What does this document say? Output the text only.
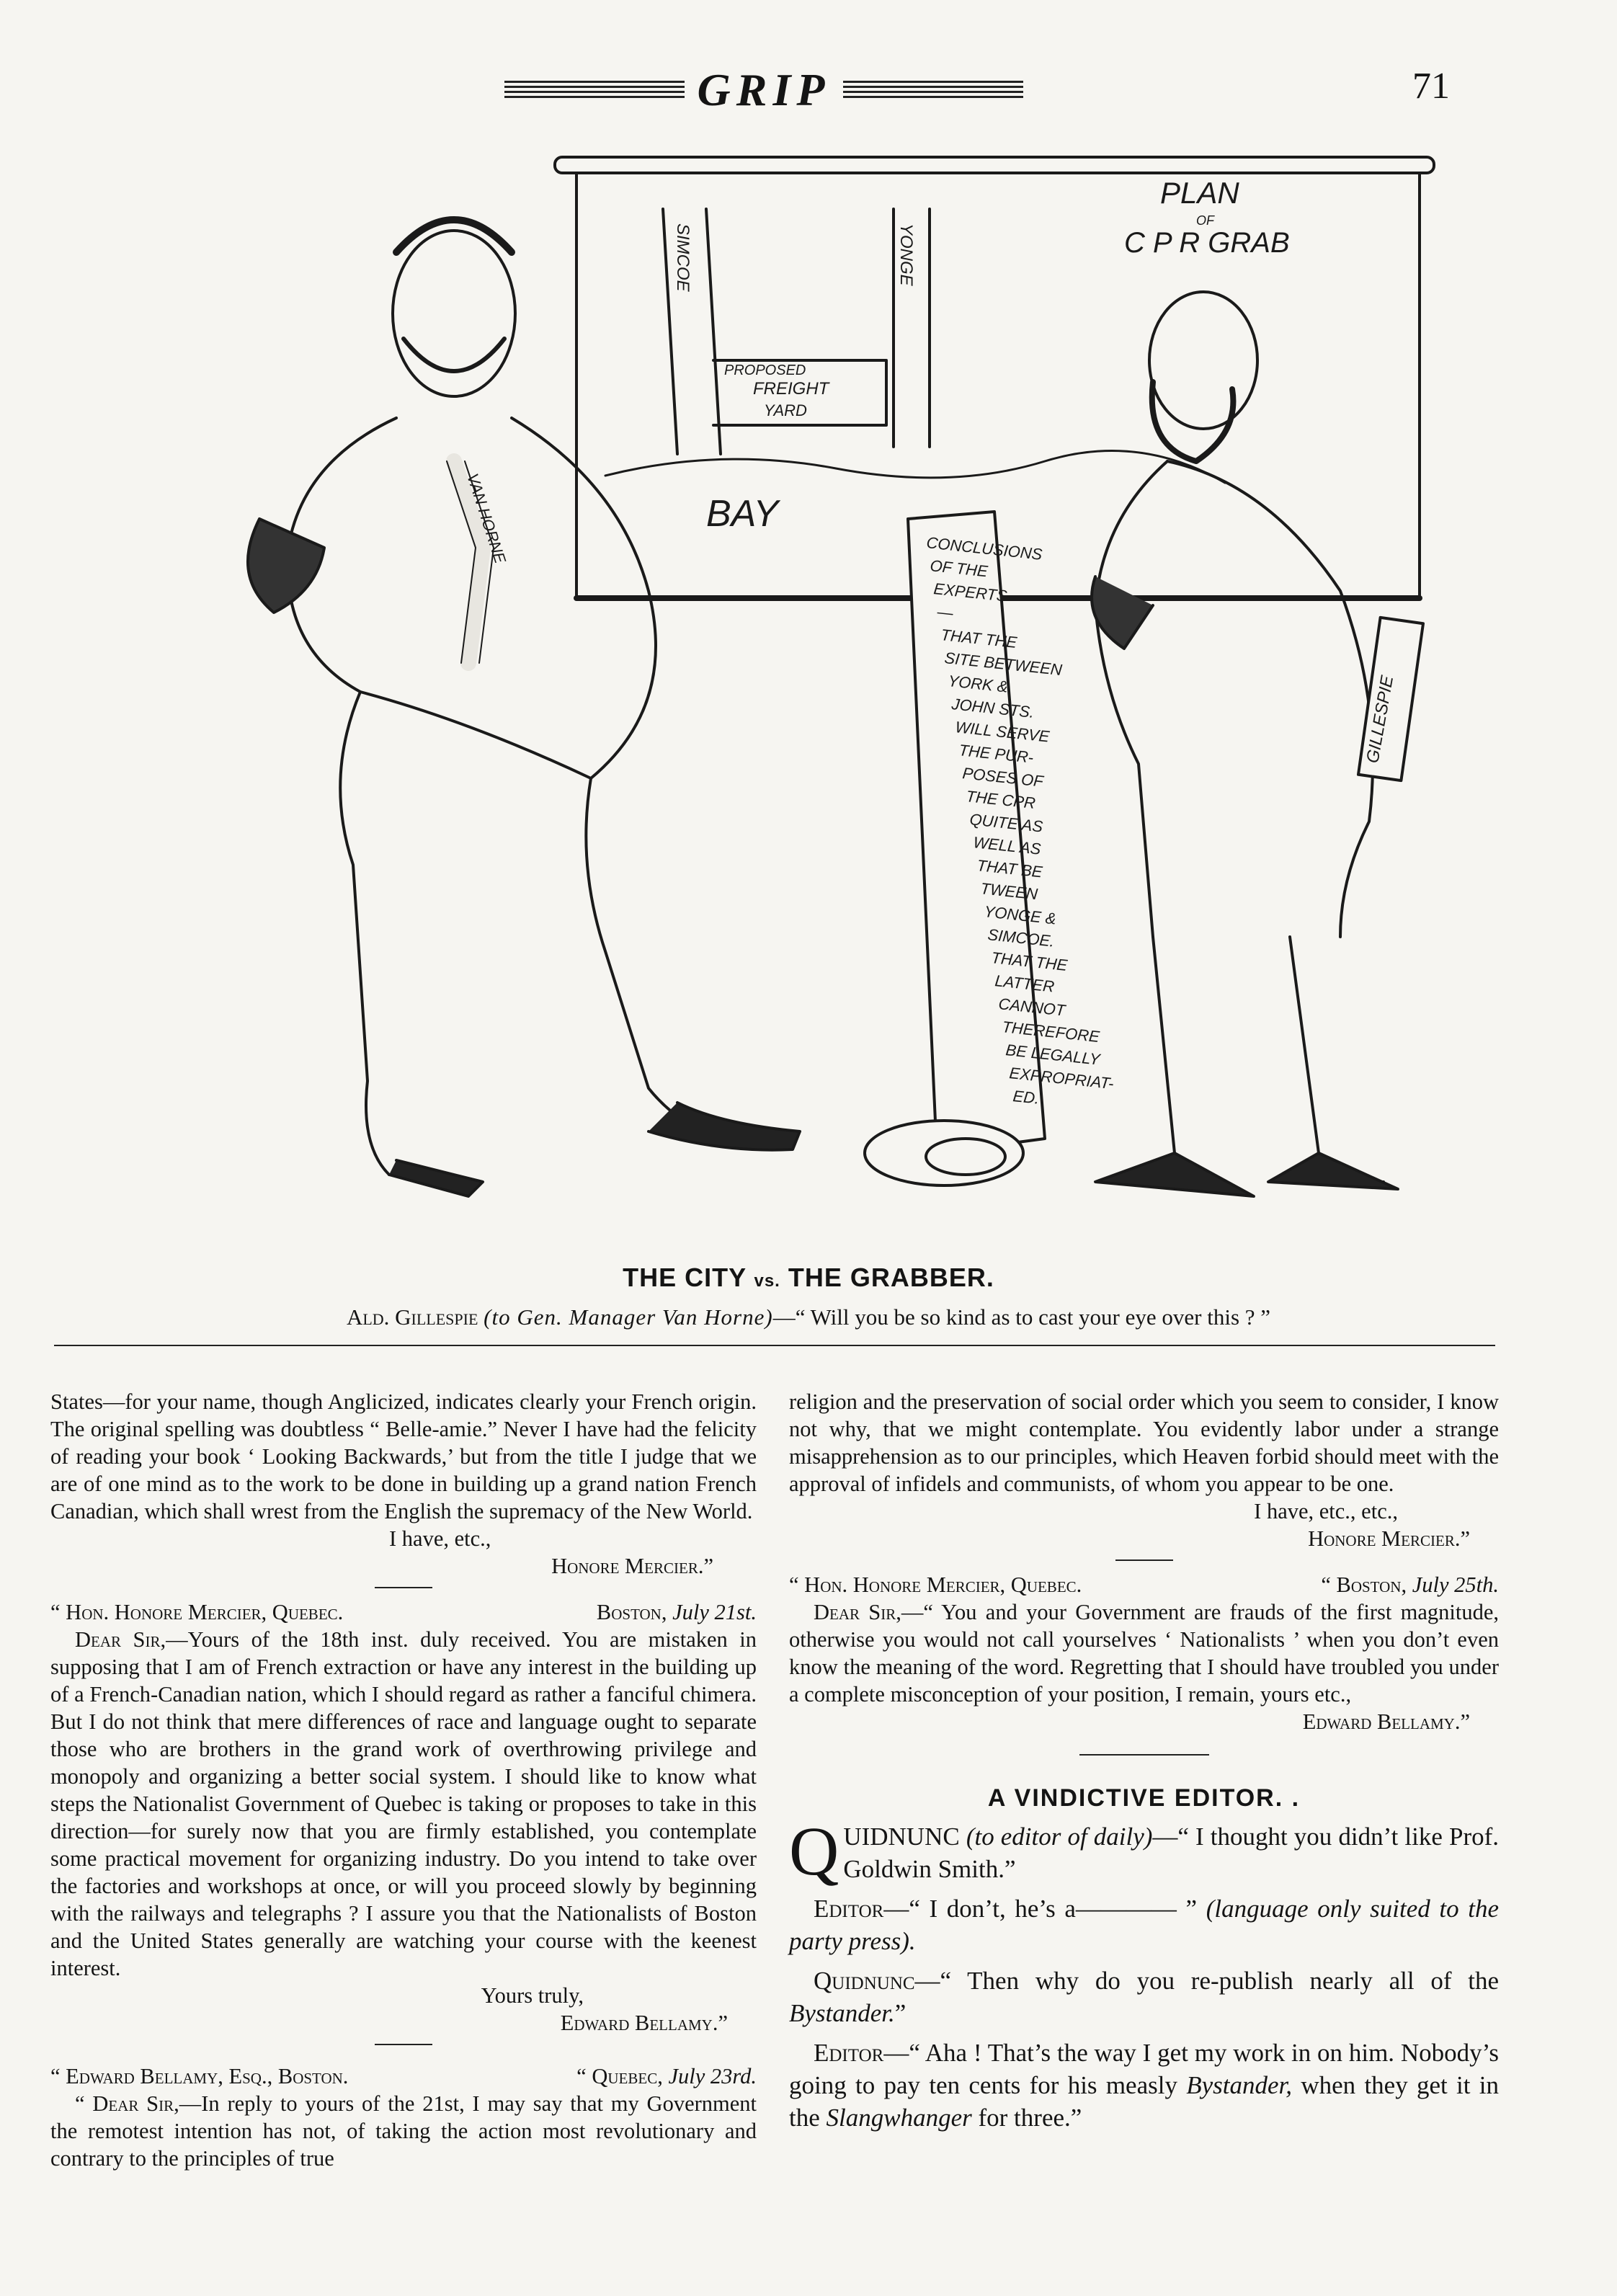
GRIP	71
PLAN
OF
C P R GRAB
SIMCOE	YONGE
PROPOSED
FREIGHT
YARD
BAY
VAN HORNE
GILLESPIE
CONCLUSIONS
OF THE
EXPERTS
—
THAT THE
SITE BETWEEN
YORK &
JOHN STS.
WILL SERVE
THE PUR-
POSES OF
THE CPR
QUITE AS
WELL AS
THAT BE
TWEEN
YONGE &
SIMCOE.
THAT THE
LATTER
CANNOT
THEREFORE
BE LEGALLY
EXPROPRIAT-
ED.
THE CITY vs. THE GRABBER.
Ald. Gillespie (to Gen. Manager Van Horne)—“ Will you be so kind as to cast your eye over this ? ”

States—for your name, though Anglicized, indicates clearly your French origin. The original spelling was doubtless “ Belle-amie.” Never I have had the felicity of reading your book ‘ Looking Backwards,’ but from the title I judge that we are of one mind as to the work to be done in building up a grand nation French Canadian, which shall wrest from the English the supremacy of the New World.

I have, etc.,

Honore Mercier.”

“ Hon. Honore Mercier, Quebec.	Boston, July 21st.

Dear Sir,—Yours of the 18th inst. duly received. You are mistaken in supposing that I am of French extraction or have any interest in the building up of a French-Canadian nation, which I should regard as rather a fanciful chimera. But I do not think that mere differences of race and language ought to separate those who are brothers in the grand work of overthrowing privilege and monopoly and organizing a better social system. I should like to know what steps the Nationalist Government of Quebec is taking or proposes to take in this direction—for surely now that you are firmly established, you contemplate some practical movement for organizing industry. Do you intend to take over the factories and workshops at once, or will you proceed slowly by beginning with the railways and telegraphs ? I assure you that the Nationalists of Boston and the United States generally are watching your course with the keenest interest.

Yours truly,

Edward Bellamy.”

“ Edward Bellamy, Esq., Boston.	“ Quebec, July 23rd.

“ Dear Sir,—In reply to yours of the 21st, I may say that my Government the remotest intention has not, of taking the action most revolutionary and contrary to the principles of true

religion and the preservation of social order which you seem to consider, I know not why, that we might contemplate. You evidently labor under a strange misapprehension as to our principles, which Heaven forbid should meet with the approval of infidels and communists, of whom you appear to be one.

I have, etc., etc.,

Honore Mercier.”

“ Hon. Honore Mercier, Quebec.	“ Boston, July 25th.

Dear Sir,—“ You and your Government are frauds of the first magnitude, otherwise you would not call yourselves ‘ Nationalists ’ when you don’t even know the meaning of the word. Regretting that I should have troubled you under a complete misconception of your position, I remain, yours etc.,

Edward Bellamy.”

A VINDICTIVE EDITOR. .

QUIDNUNC (to editor of daily)—“ I thought you didn’t like Prof. Goldwin Smith.”

Editor—“ I don’t, he’s a———— ” (language only suited to the party press).

Quidnunc—“ Then why do you re-publish nearly all of the Bystander.”

Editor—“ Aha ! That’s the way I get my work in on him. Nobody’s going to pay ten cents for his measly Bystander, when they get it in the Slangwhanger for three.”
